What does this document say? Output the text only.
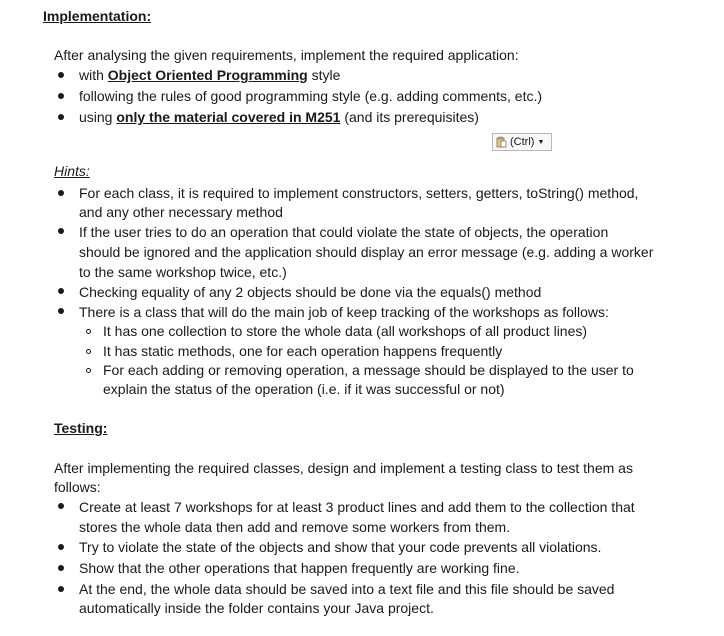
Implementation:
After analysing the given requirements, implement the required application:
with Object Oriented Programming style
following the rules of good programming style (e.g. adding comments, etc.)
using only the material covered in M251 (and its prerequisites)
(Ctrl) ▼
Hints:
For each class, it is required to implement constructors, setters, getters, toString() method,
and any other necessary method
If the user tries to do an operation that could violate the state of objects, the operation
should be ignored and the application should display an error message (e.g. adding a worker
to the same workshop twice, etc.)
Checking equality of any 2 objects should be done via the equals() method
There is a class that will do the main job of keep tracking of the workshops as follows:
It has one collection to store the whole data (all workshops of all product lines)
It has static methods, one for each operation happens frequently
For each adding or removing operation, a message should be displayed to the user to
explain the status of the operation (i.e. if it was successful or not)
Testing:
After implementing the required classes, design and implement a testing class to test them as
follows:
Create at least 7 workshops for at least 3 product lines and add them to the collection that
stores the whole data then add and remove some workers from them.
Try to violate the state of the objects and show that your code prevents all violations.
Show that the other operations that happen frequently are working fine.
At the end, the whole data should be saved into a text file and this file should be saved
automatically inside the folder contains your Java project.
